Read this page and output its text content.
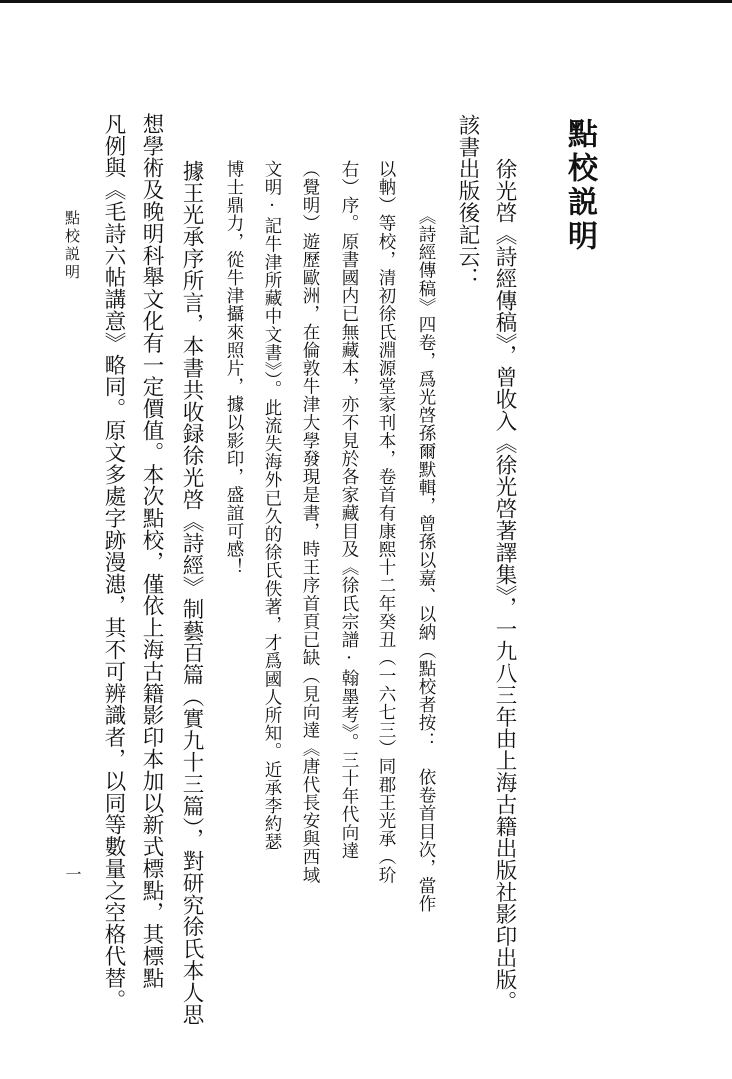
點校説明

徐光啓《詩經傳稿》，曾收入《徐光啓著譯集》，一九八三年由上海古籍出版社影印出版。

該書出版後記云：

《詩經傳稿》四卷，爲光啓孫爾默輯，曾孫以嘉、以納（點校者按：　依卷首目次，當作

以軜）等校，清初徐氏淵源堂家刊本，卷首有康熙十二年癸丑（一六七三）同郡王光承（玠

右）序。原書國内已無藏本，亦不見於各家藏目及《徐氏宗譜·翰墨考》。三十年代向達

（覺明）遊歷歐洲，在倫敦牛津大學發現是書，時王序首頁已缺（見向達《唐代長安與西域

文明·記牛津所藏中文書》）。此流失海外已久的徐氏佚著，才爲國人所知。近承李約瑟

博士鼎力，從牛津攝來照片，據以影印，盛誼可感！

據王光承序所言，本書共收録徐光啓《詩經》制藝百篇（實九十三篇），對研究徐氏本人思

想學術及晚明科舉文化有一定價值。本次點校，僅依上海古籍影印本加以新式標點，其標點

凡例與《毛詩六帖講意》略同。原文多處字跡漫漶，其不可辨識者，以同等數量之空格代替。

點校説明
一
